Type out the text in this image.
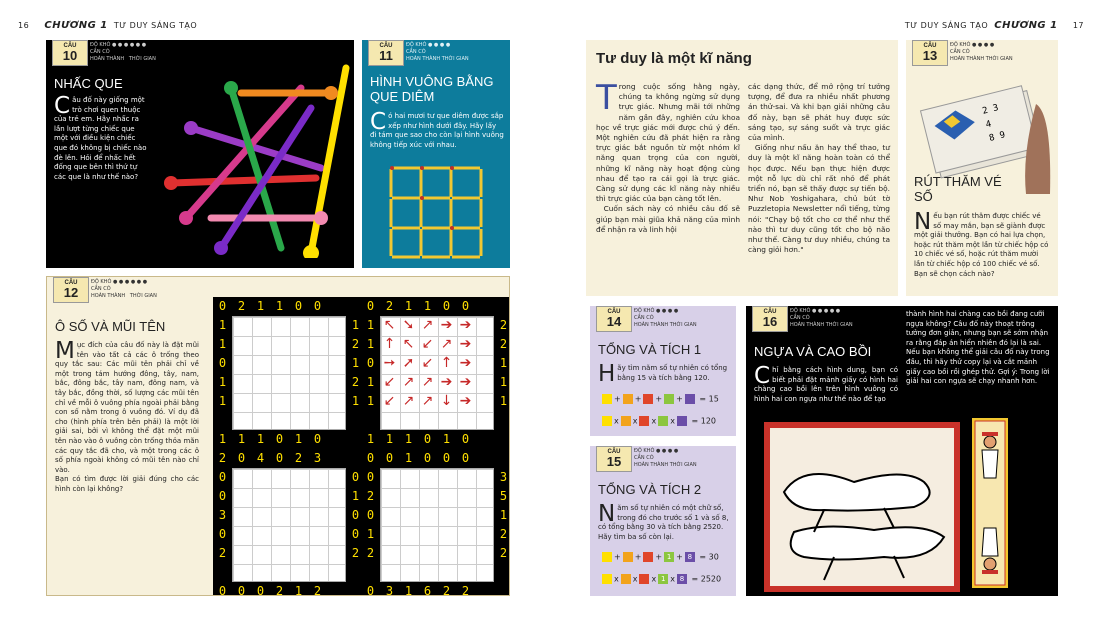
16 CHƯƠNG 1 TƯ DUY SÁNG TẠO
CÂU
10
ĐỘ KHÓ ● ● ● ● ● ●
CẦN CÓ
HOÀN THÀNH THỜI GIAN
NHẤC QUE
Câu đố này giống một trò chơi quen thuộc của trẻ em. Hãy nhấc ra lần lượt từng chiếc que một với điều kiện chiếc que đó không bị chiếc nào đè lên. Hỏi để nhấc hết đống que bên thì thứ tự các que là như thế nào?
CÂU
11
ĐỘ KHÓ ● ● ● ●
CẦN CÓ
HOÀN THÀNH THỜI GIAN
HÌNH VUÔNG BẰNG QUE DIÊM
Có hai mươi tư que diêm được sắp xếp như hình dưới đây. Hãy lấy đi tám que sao cho còn lại hình vuông không tiếp xúc với nhau.
CÂU
12
ĐỘ KHÓ ● ● ● ● ● ●
CẦN CÓ
HOÀN THÀNH THỜI GIAN
Ô SỐ VÀ MŨI TÊN
Mục đích của câu đố này là đặt mũi tên vào tất cả các ô trống theo quy tắc sau: Các mũi tên phải chỉ về một trong tám hướng đông, tây, nam, bắc, đông bắc, tây nam, đông nam, và tây bắc, đồng thời, số lượng các mũi tên chỉ về mỗi ô vuông phía ngoài phải bằng con số nằm trong ô vuông đó. Ví dụ đã cho (hình phía trên bên phải) là một lời giải sai, bởi vì không thể đặt một mũi tên nào vào ô vuông còn trống thỏa mãn các quy tắc đã cho, và một trong các ô số phía ngoài không có mũi tên nào chỉ vào.
Bạn có tìm được lời giải đúng cho các hình còn lại không?
0 2 1 1 0 0
1 1 1 0 1 0
1
1
0
1
1
1
2
1
2
1
0 2 1 1 0 0
1 1 1 0 1 0
1
1
0
1
1
2
2
1
1
1
↖ ➘ ↗ ➔ ➔
↑ ↖ ↙ ↗ ➔
➙ ➚ ↙ ↑ ➔
↙ ↗ ↗ ➔ ➔
↙ ↗ ↗ ↓ ➔
2 0 4 0 2 3
0 0 0 2 1 2
0
0
3
0
2
0
1
0
0
2
0 0 1 0 0 0
0 3 1 6 2 2
0
2
0
1
2
3
5
1
2
2
TƯ DUY SÁNG TẠO CHƯƠNG 1 17
Tư duy là một kĩ năng
Trong cuộc sống hằng ngày, chúng ta không ngừng sử dụng trực giác. Nhưng mãi tới những năm gần đây, nghiên cứu khoa học về trực giác mới được chú ý đến. Một nghiên cứu đã phát hiện ra rằng trực giác bắt nguồn từ một nhóm kĩ năng quan trọng của con người, những kĩ năng này hoạt động cùng nhau để tạo ra cái gọi là trực giác. Càng sử dụng các kĩ năng này nhiều thì trực giác của bạn càng tốt lên.
Cuốn sách này có nhiều câu đố sẽ giúp bạn mài giũa khả năng của mình để nhận ra và linh hội
các dạng thức, để mở rộng trí tưởng tượng, để đưa ra nhiều nhất phương án thử-sai. Và khi bạn giải những câu đố này, bạn sẽ phát huy được sức sáng tạo, sự sáng suốt và trực giác của mình.
Giống như nấu ăn hay thể thao, tư duy là một kĩ năng hoàn toàn có thể học được. Nếu bạn thực hiện được một nỗ lực dù chỉ rất nhỏ để phát triển nó, bạn sẽ thấy được sự tiến bộ. Như Nob Yoshigahara, chủ bút tờ Puzzletopia Newsletter nổi tiếng, từng nói: "Chạy bộ tốt cho cơ thể như thế nào thì tư duy cũng tốt cho bộ não như thế. Càng tư duy nhiều, chúng ta càng giỏi hơn."
CÂU
13
ĐỘ KHÓ ● ● ● ●
CẦN CÓ
HOÀN THÀNH THỜI GIAN
2 3
4
8 9
RÚT THĂM VÉ SỐ
Nếu bạn rút thăm được chiếc vé số may mắn, bạn sẽ giành được một giải thưởng. Bạn có hai lựa chọn, hoặc rút thăm một lần từ chiếc hộp có 10 chiếc vé số, hoặc rút thăm mười lần từ chiếc hộp có 100 chiếc vé số. Bạn sẽ chọn cách nào?
CÂU
14
ĐỘ KHÓ ● ● ● ●
CẦN CÓ
HOÀN THÀNH THỜI GIAN
TỔNG VÀ TÍCH 1
Hãy tìm năm số tự nhiên có tổng bằng 15 và tích bằng 120.
+ + + + = 15
x x x x = 120
CÂU
15
ĐỘ KHÓ ● ● ● ●
CẦN CÓ
HOÀN THÀNH THỜI GIAN
TỔNG VÀ TÍCH 2
Năm số tự nhiên có một chữ số, trong đó cho trước số 1 và số 8, có tổng bằng 30 và tích bằng 2520. Hãy tìm ba số còn lại.
+ + + 1 + 8 = 30
x x x 1 x 8 = 2520
CÂU
16
ĐỘ KHÓ ● ● ● ● ●
CẦN CÓ
HOÀN THÀNH THỜI GIAN
NGỰA VÀ CAO BỒI
Chỉ bằng cách hình dung, bạn có biết phải đặt mảnh giấy có hình hai chàng cao bồi lên trên hình vuông có hình hai con ngựa như thế nào để tạo
thành hình hai chàng cao bồi đang cưỡi ngựa không? Câu đố này thoạt trông tưởng đơn giản, nhưng bạn sẽ sớm nhận ra rằng đáp án hiển nhiên đó lại là sai. Nếu bạn không thể giải câu đố này trong đầu, thì hãy thử copy lại và cắt mảnh giấy cao bồi rồi ghép thử. Gợi ý: Trong lời giải hai con ngựa sẽ chạy nhanh hơn.
